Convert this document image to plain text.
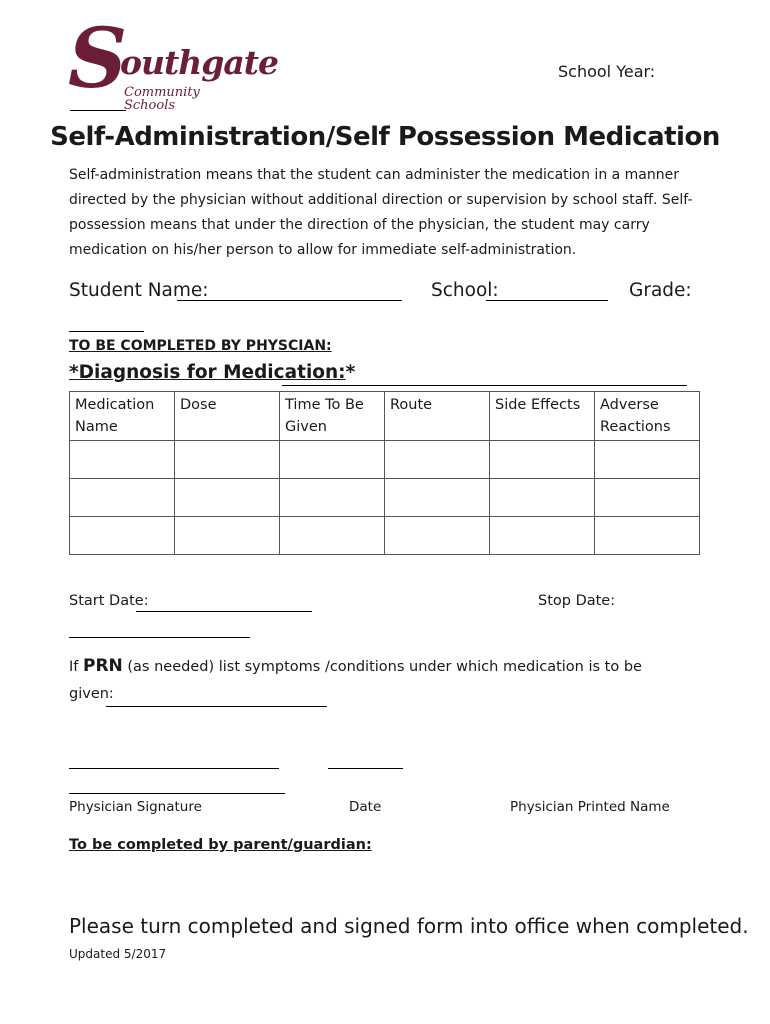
S
outhgate
Community Schools
School Year:
Self-Administration/Self Possession Medication
Self-administration means that the student can administer the medication in a manner directed by the physician without additional direction or supervision by school staff. Self-possession means that under the direction of the physician, the student may carry medication on his/her person to allow for immediate self-administration.
Student Name:	School:	Grade:
TO BE COMPLETED BY PHYSCIAN:
*Diagnosis for Medication:*
Medication Name	Dose	Time To Be Given	Route	Side Effects	Adverse Reactions

Start Date:	Stop Date:
If PRN (as needed) list symptoms /conditions under which medication is to be
given:
Physician Signature	Date	Physician Printed Name
To be completed by parent/guardian:
Please turn completed and signed form into office when completed.
Updated 5/2017
